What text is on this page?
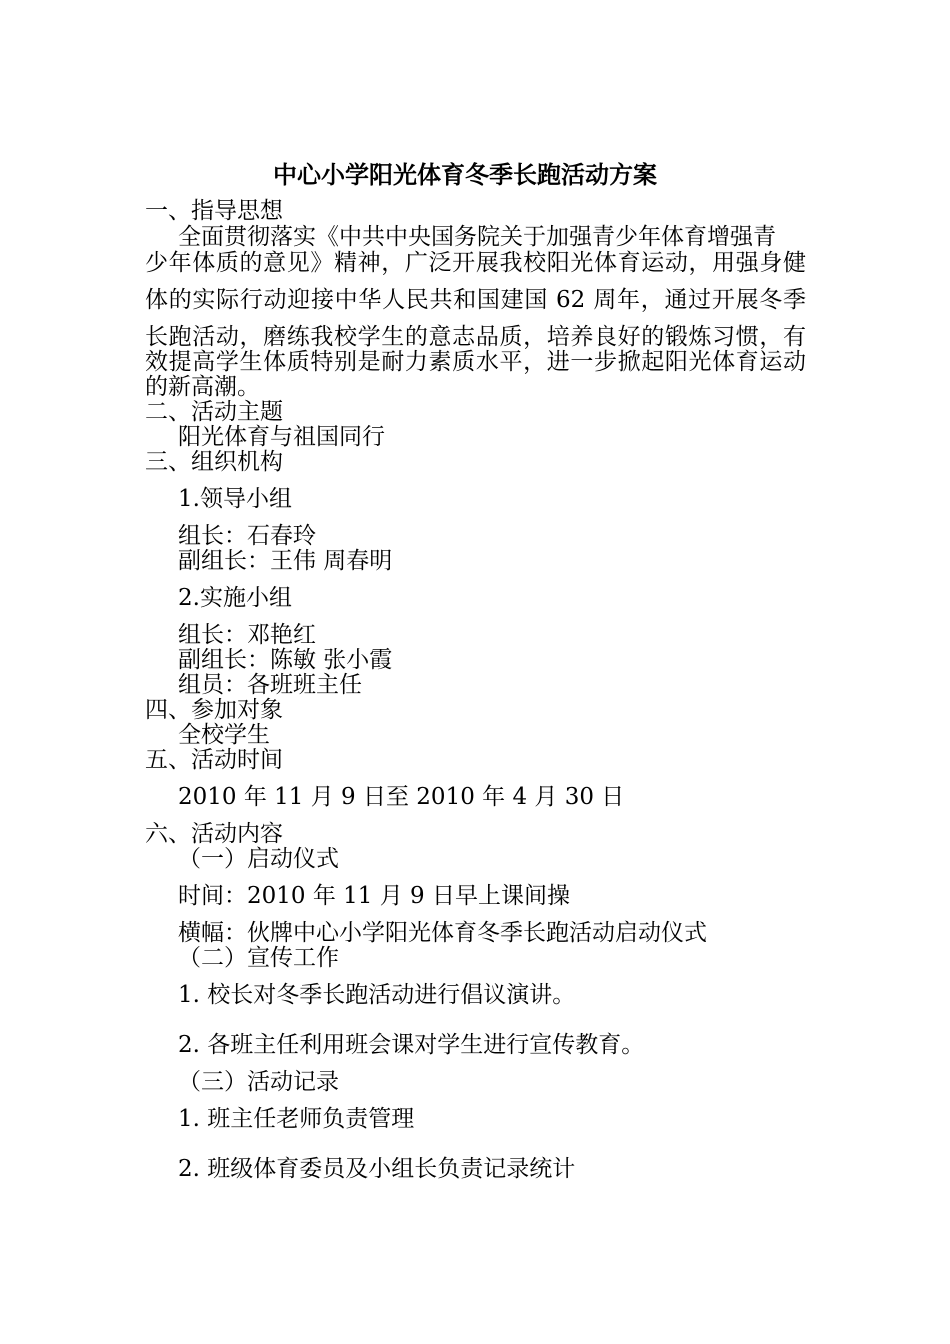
中心小学阳光体育冬季长跑活动方案

一、指导思想

全面贯彻落实《中共中央国务院关于加强青少年体育增强青

少年体质的意见》精神，广泛开展我校阳光体育运动，用强身健

体的实际行动迎接中华人民共和国建国 62 周年，通过开展冬季

长跑活动，磨练我校学生的意志品质，培养良好的锻炼习惯，有

效提高学生体质特别是耐力素质水平，进一步掀起阳光体育运动

的新高潮。

二、活动主题

阳光体育与祖国同行

三、组织机构

1.领导小组

组长：石春玲

副组长：王伟 周春明

2.实施小组

组长：邓艳红

副组长：陈敏 张小霞

组员：各班班主任

四、参加对象

全校学生

五、活动时间

2010 年 11 月 9 日至 2010 年 4 月 30 日

六、活动内容

（一）启动仪式

时间：2010 年 11 月 9 日早上课间操

横幅：伙牌中心小学阳光体育冬季长跑活动启动仪式

（二）宣传工作

1. 校长对冬季长跑活动进行倡议演讲。

2. 各班主任利用班会课对学生进行宣传教育。

（三）活动记录

1. 班主任老师负责管理

2. 班级体育委员及小组长负责记录统计
